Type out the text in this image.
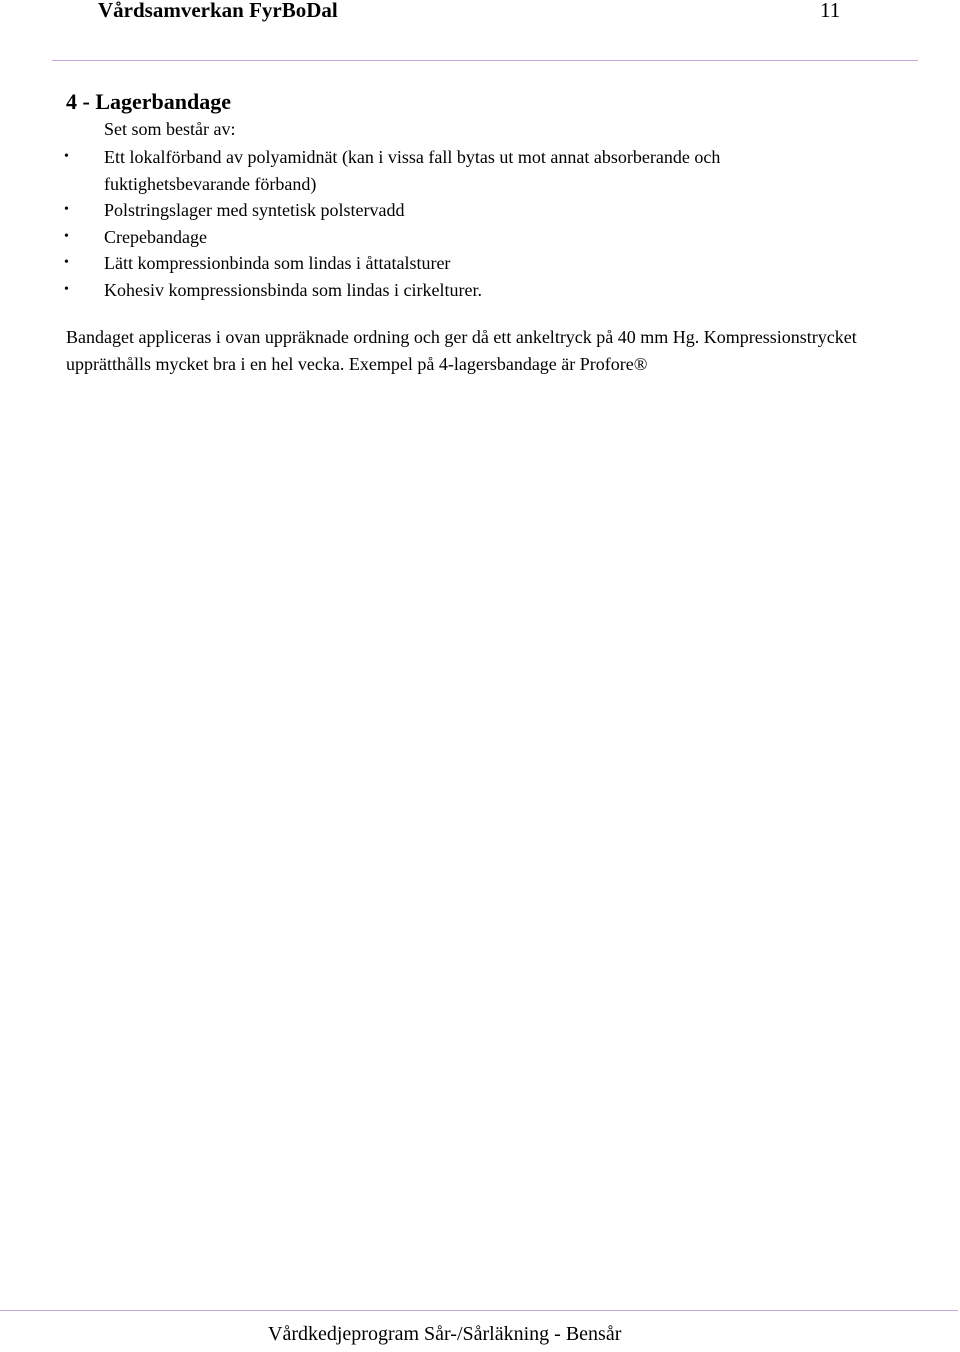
Vårdsamverkan FyrBoDal	11
4 - Lagerbandage
Set som består av:
• Ett lokalförband av polyamidnät (kan i vissa fall bytas ut mot annat absorberande och fuktighetsbevarande förband)
• Polstringslager med syntetisk polstervadd
• Crepebandage
• Lätt kompressionbinda som lindas i åttatalsturer
• Kohesiv kompressionsbinda som lindas i cirkelturer.

Bandaget appliceras i ovan uppräknade ordning och ger då ett ankeltryck på 40 mm Hg. Kompressionstrycket upprätthålls mycket bra i en hel vecka. Exempel på 4-lagersbandage är Profore®

Vårdkedjeprogram Sår-/Sårläkning - Bensår
